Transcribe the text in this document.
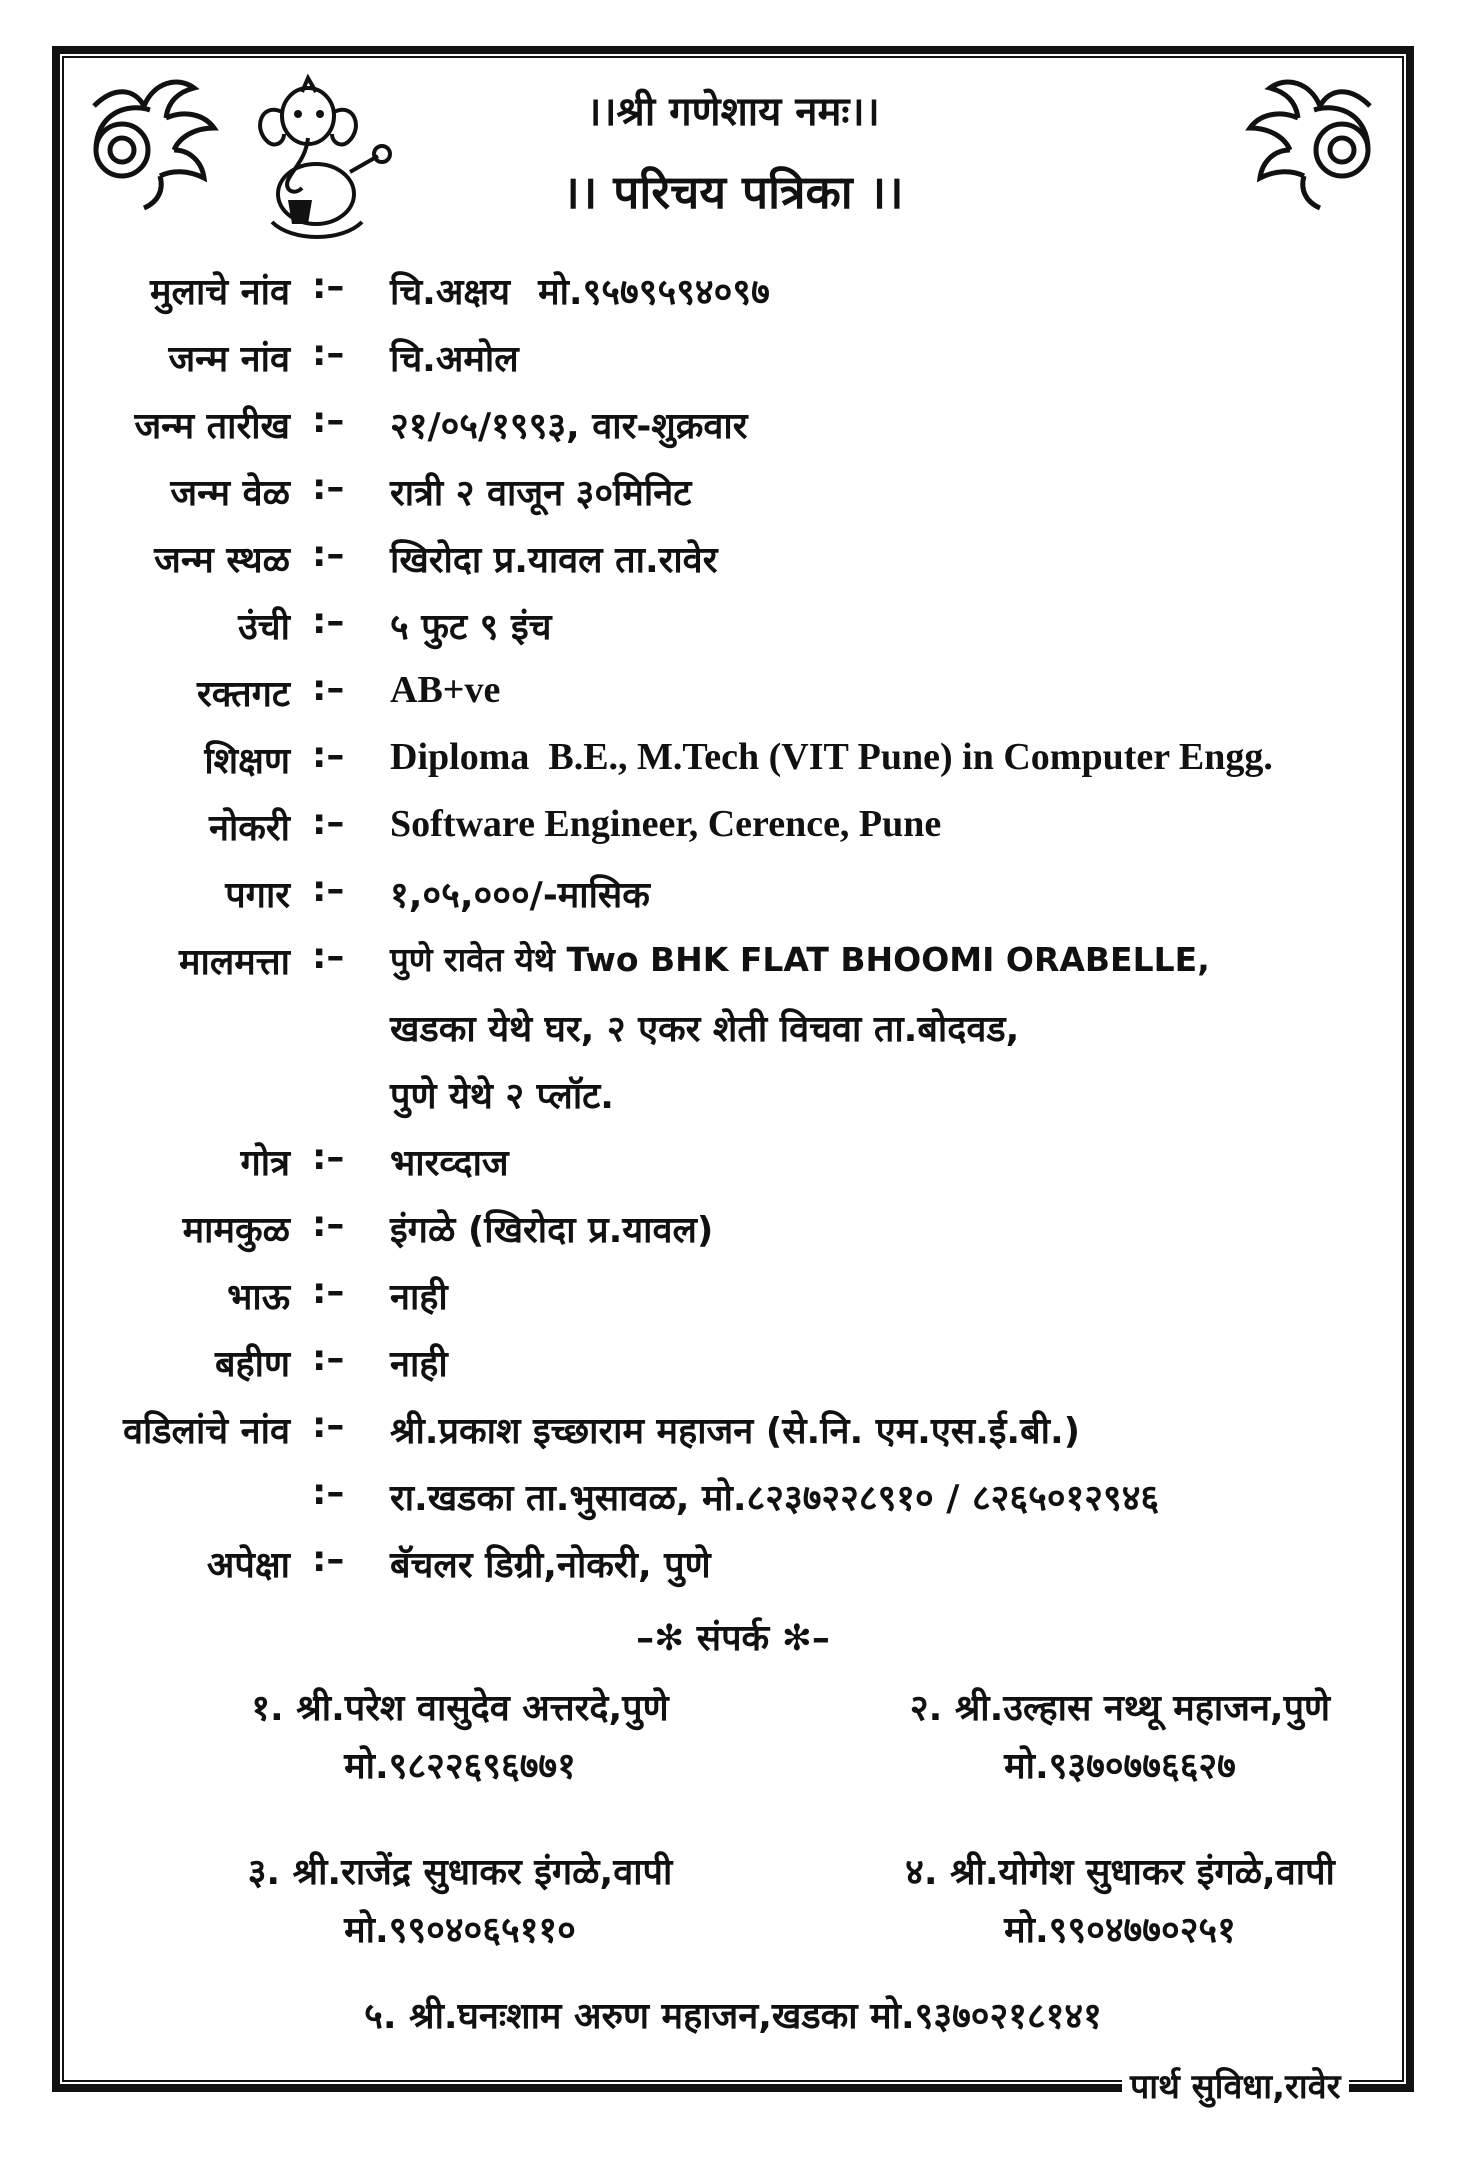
।।श्री गणेशाय नमः।।
।। परिचय पत्रिका ।।
मुलाचे नांव :– चि.अक्षय मो.९५७९५९४०९७
जन्म नांव :– चि.अमोल
जन्म तारीख :– २१/०५/१९९३, वार-शुक्रवार
जन्म वेळ :– रात्री २ वाजून ३०मिनिट
जन्म स्थळ :– खिरोदा प्र.यावल ता.रावेर
उंची :– ५ फुट ९ इंच
रक्तगट :– AB+ve
शिक्षण :– Diploma  B.E., M.Tech (VIT Pune) in Computer Engg.
नोकरी :– Software Engineer, Cerence, Pune
पगार :– १,०५,०००/-मासिक
मालमत्ता :– पुणे रावेत येथे Two BHK FLAT BHOOMI ORABELLE,
खडका येथे घर, २ एकर शेती विचवा ता.बोदवड,
पुणे येथे २ प्लॉट.
गोत्र :– भारव्दाज
मामकुळ :– इंगळे (खिरोदा प्र.यावल)
भाऊ :– नाही
बहीण :– नाही
वडिलांचे नांव :– श्री.प्रकाश इच्छाराम महाजन (से.नि. एम.एस.ई.बी.)
:– रा.खडका ता.भुसावळ, मो.८२३७२२८९१० / ८२६५०१२९४६
अपेक्षा :– बॅचलर डिग्री,नोकरी, पुणे
–✻ संपर्क ✻–
१. श्री.परेश वासुदेव अत्तरदे,पुणे
मो.९८२२६९६७७१
२. श्री.उल्हास नथ्थू महाजन,पुणे
मो.९३७०७७६६२७
३. श्री.राजेंद्र सुधाकर इंगळे,वापी
मो.९९०४०६५११०
४. श्री.योगेश सुधाकर इंगळे,वापी
मो.९९०४७७०२५१
५. श्री.घनःशाम अरुण महाजन,खडका मो.९३७०२१८१४१
पार्थ सुविधा,रावेर
